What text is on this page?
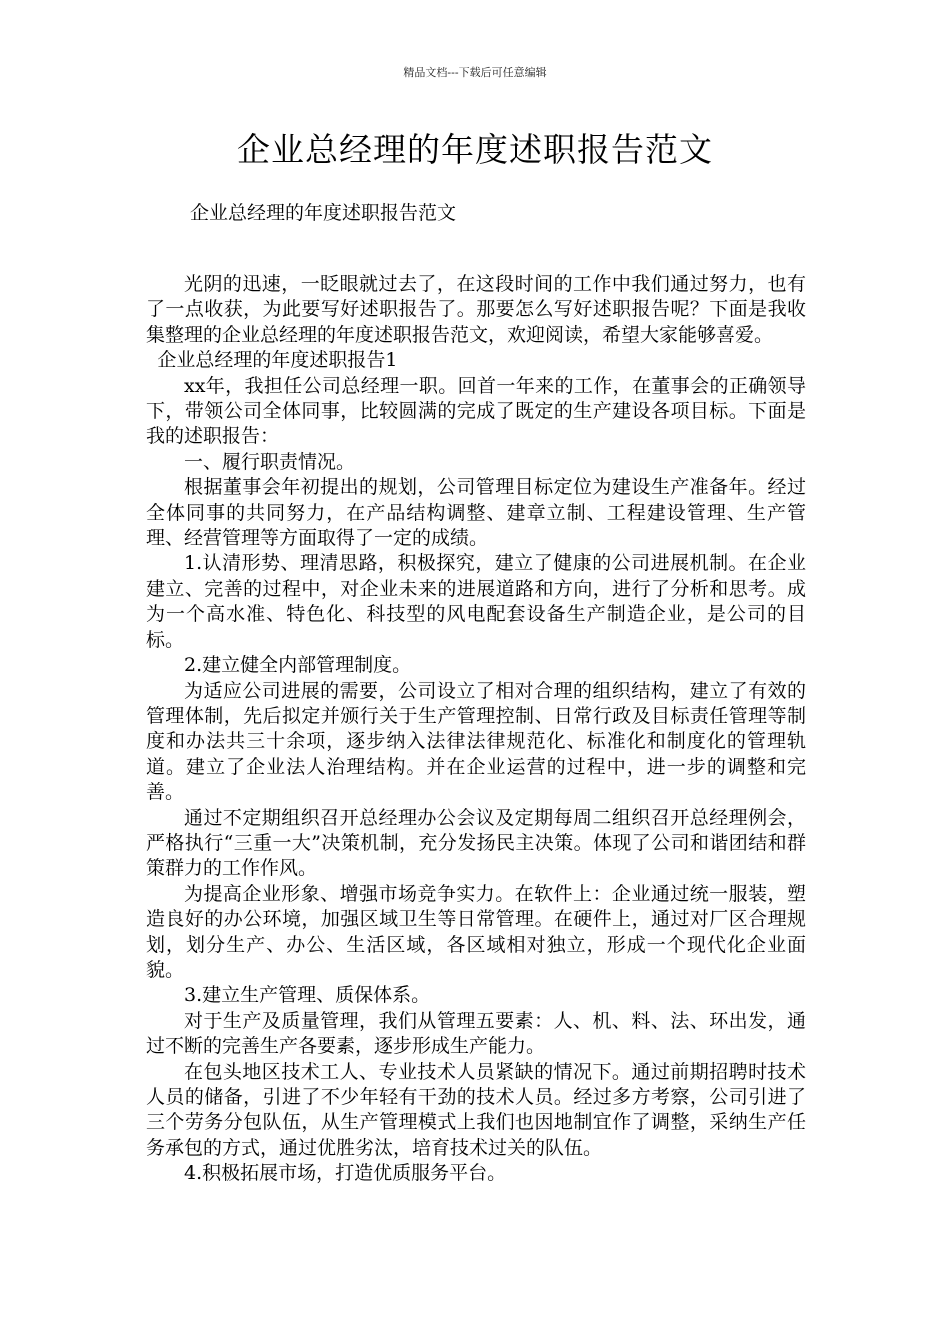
精品文档---下载后可任意编辑
企业总经理的年度述职报告范文
企业总经理的年度述职报告范文

光阴的迅速，一眨眼就过去了，在这段时间的工作中我们通过努力，也有了一点收获，为此要写好述职报告了。那要怎么写好述职报告呢？下面是我收集整理的企业总经理的年度述职报告范文，欢迎阅读，希望大家能够喜爱。

企业总经理的年度述职报告1

xx年，我担任公司总经理一职。回首一年来的工作，在董事会的正确领导下，带领公司全体同事，比较圆满的完成了既定的生产建设各项目标。下面是我的述职报告：

一、履行职责情况。

根据董事会年初提出的规划，公司管理目标定位为建设生产准备年。经过全体同事的共同努力，在产品结构调整、建章立制、工程建设管理、生产管理、经营管理等方面取得了一定的成绩。

1.认清形势、理清思路，积极探究，建立了健康的公司进展机制。在企业建立、完善的过程中，对企业未来的进展道路和方向，进行了分析和思考。成为一个高水准、特色化、科技型的风电配套设备生产制造企业，是公司的目标。

2.建立健全内部管理制度。

为适应公司进展的需要，公司设立了相对合理的组织结构，建立了有效的管理体制，先后拟定并颁行关于生产管理控制、日常行政及目标责任管理等制度和办法共三十余项，逐步纳入法律法律规范化、标准化和制度化的管理轨道。建立了企业法人治理结构。并在企业运营的过程中，进一步的调整和完善。

通过不定期组织召开总经理办公会议及定期每周二组织召开总经理例会，严格执行“三重一大”决策机制，充分发扬民主决策。体现了公司和谐团结和群策群力的工作作风。

为提高企业形象、增强市场竞争实力。在软件上：企业通过统一服装，塑造良好的办公环境，加强区域卫生等日常管理。在硬件上，通过对厂区合理规划，划分生产、办公、生活区域，各区域相对独立，形成一个现代化企业面貌。

3.建立生产管理、质保体系。

对于生产及质量管理，我们从管理五要素：人、机、料、法、环出发，通过不断的完善生产各要素，逐步形成生产能力。

在包头地区技术工人、专业技术人员紧缺的情况下。通过前期招聘时技术人员的储备，引进了不少年轻有干劲的技术人员。经过多方考察，公司引进了三个劳务分包队伍，从生产管理模式上我们也因地制宜作了调整，采纳生产任务承包的方式，通过优胜劣汰，培育技术过关的队伍。

4.积极拓展市场，打造优质服务平台。
